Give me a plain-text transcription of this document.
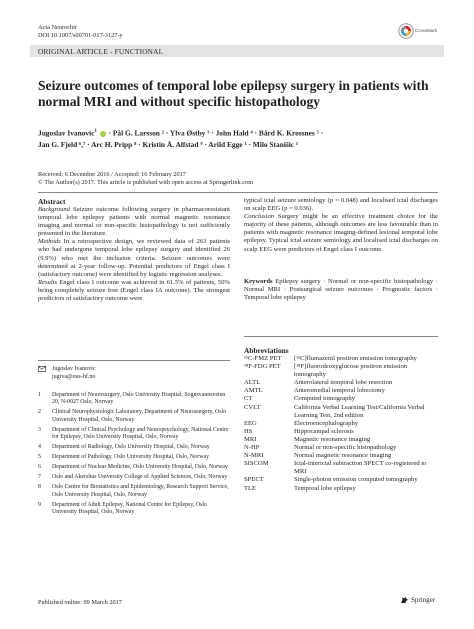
Acta Neurochir
DOI 10.1007/s00701-017-3127-y
CrossMark
ORIGINAL ARTICLE - FUNCTIONAL
Seizure outcomes of temporal lobe epilepsy surgery in patients with normal MRI and without specific histopathology
Jugoslav Ivanovic$^1$  · Pål G. Larsson ² · Ylva Østby ³ · John Hald ⁴ · Bård K. Krossnes ⁵ ·
Jan G. Fjeld ⁶,⁷ · Arc H. Pripp ⁸ · Kristin Å. Alfstad ⁹ · Arild Egge ¹ · Milo Stanišic ¹
Received: 6 December 2016 / Accepted: 16 February 2017
© The Author(s) 2017. This article is published with open access at Springerlink.com
Abstract
Background Seizure outcome following surgery in pharmacoresistant temporal lobe epilepsy patients with normal magnetic resonance imaging and normal or non-specific histopathology is not sufficiently presented in the literature.
Methods In a retrospective design, we reviewed data of 263 patients who had undergone temporal lobe epilepsy surgery and identified 26 (9.9%) who met the inclusion criteria. Seizure outcomes were determined at 2-year follow-up. Potential predictors of Engel class I (satisfactory outcome) were identified by logistic regression analyses.
Results Engel class I outcome was achieved in 61.5% of patients, 50% being completely seizure free (Engel class IA outcome). The strongest predictors of satisfactory outcome were
typical ictal seizure semiology (p = 0.048) and localised ictal discharges on scalp EEG (p = 0.036).
Conclusion Surgery might be an effective treatment choice for the majority of these patients, although outcomes are less favourable than in patients with magnetic resonance imaging-defined lesional temporal lobe epilepsy. Typical ictal seizure semiology and localised ictal discharges on scalp EEG were predictors of Engel class I outcome.
Keywords Epilepsy surgery · Normal or non-specific histopathology · Normal MRI · Postsurgical seizure outcomes · Prognostic factors · Temporal lobe epilepsy
Abbreviations
¹¹C-FMZ PET	[¹¹C]flumazenil positron emission tomography
¹⁸F-FDG PET	[¹⁸F]fluorodeoxyglucose positron emission tomography
ALTL	Anterolateral temporal lobe resection
AMTL	Anteromedial temporal lobectomy
CT	Computed tomography
CVLT	California Verbal Learning Test/California Verbal Learning Test, 2nd edition
EEG	Electroencephalography
HS	Hippocampal sclerosis
MRI	Magnetic resonance imaging
N-HP	Normal or non-specific histopathology
N-MRI	Normal magnetic resonance imaging
SISCOM	Ictal-interictal subtraction SPECT co-registered to MRI
SPECT	Single-photon emission computed tomography
TLE	Temporal lobe epilepsy
Jugoslav Ivanovic
jugiva@ous-hf.no
1	Department of Neurosurgery, Oslo University Hospital, Sognsvannsveien 20, N-0027 Oslo, Norway
2	Clinical Neurophysiologic Laboratory, Department of Neurosurgery, Oslo University Hospital, Oslo, Norway
3	Department of Clinical Psychology and Neuropsychology, National Centre for Epilepsy, Oslo University Hospital, Oslo, Norway
4	Department of Radiology, Oslo University Hospital, Oslo, Norway
5	Department of Pathology, Oslo University Hospital, Oslo, Norway
6	Department of Nuclear Medicine, Oslo University Hospital, Oslo, Norway
7	Oslo and Akershus University College of Applied Sciences, Oslo, Norway
8	Oslo Centre for Biostatistics and Epidemiology, Research Support Service, Oslo University Hospital, Oslo, Norway
9	Department of Adult Epilepsy, National Centre for Epilepsy, Oslo University Hospital, Oslo, Norway
Published online: 09 March 2017	Springer
